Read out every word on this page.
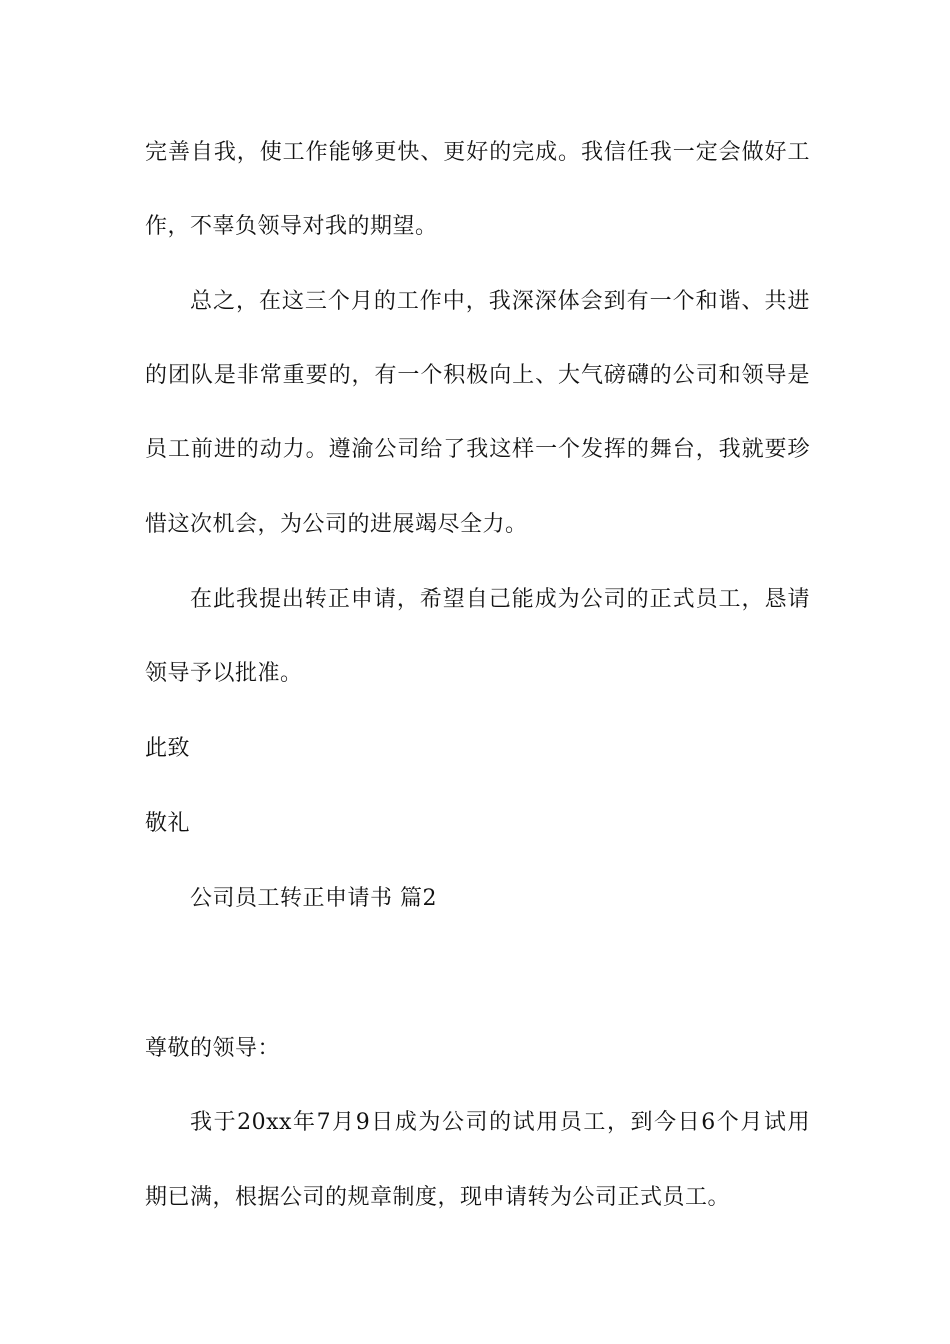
完善自我，使工作能够更快、更好的完成。我信任我一定会做好工
作，不辜负领导对我的期望。
总之，在这三个月的工作中，我深深体会到有一个和谐、共进
的团队是非常重要的，有一个积极向上、大气磅礴的公司和领导是
员工前进的动力。遵渝公司给了我这样一个发挥的舞台，我就要珍
惜这次机会，为公司的进展竭尽全力。
在此我提出转正申请，希望自己能成为公司的正式员工，恳请
领导予以批准。
此致
敬礼
公司员工转正申请书 篇2
尊敬的领导：
我于20xx年7月9日成为公司的试用员工，到今日6个月试用
期已满，根据公司的规章制度，现申请转为公司正式员工。
